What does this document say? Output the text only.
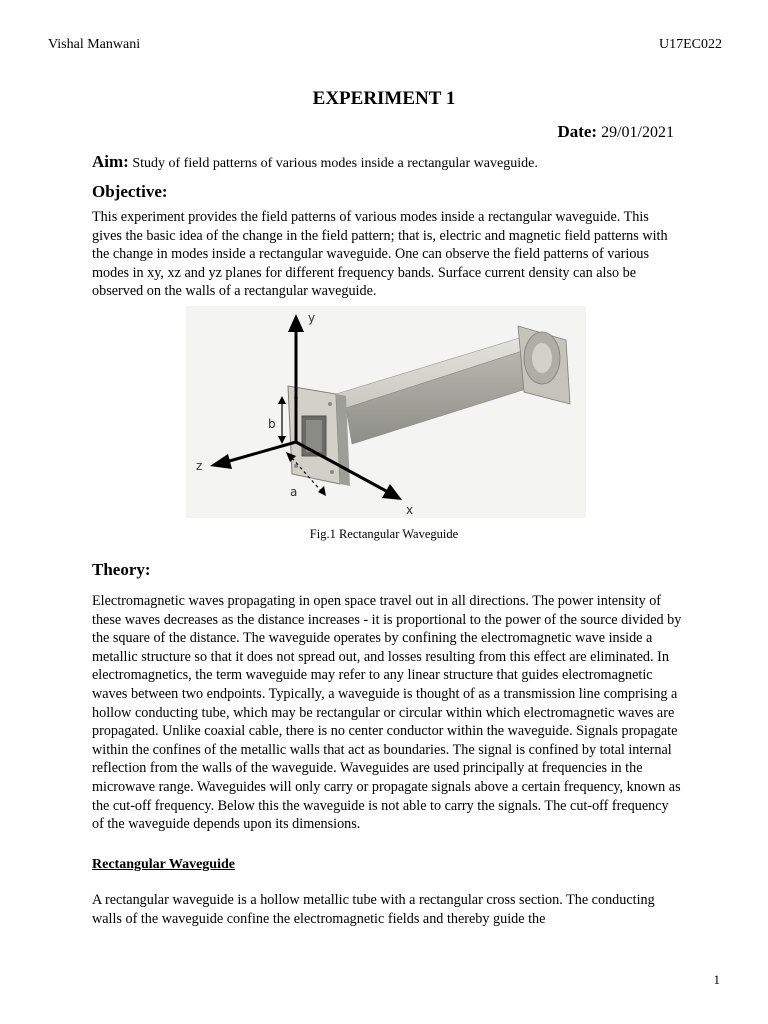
Vishal Manwani	U17EC022
EXPERIMENT 1
Date: 29/01/2021
Aim: Study of field patterns of various modes inside a rectangular waveguide.
Objective:

This experiment provides the field patterns of various modes inside a rectangular waveguide. This gives the basic idea of the change in the field pattern; that is, electric and magnetic field patterns with the change in modes inside a rectangular waveguide. One can observe the field patterns of various modes in xy, xz and yz planes for different frequency bands. Surface current density can also be observed on the walls of a rectangular waveguide.

y
z
x
b
a
Fig.1 Rectangular Waveguide
Theory:

Electromagnetic waves propagating in open space travel out in all directions. The power intensity of these waves decreases as the distance increases - it is proportional to the power of the source divided by the square of the distance. The waveguide operates by confining the electromagnetic wave inside a metallic structure so that it does not spread out, and losses resulting from this effect are eliminated. In electromagnetics, the term waveguide may refer to any linear structure that guides electromagnetic waves between two endpoints. Typically, a waveguide is thought of as a transmission line comprising a hollow conducting tube, which may be rectangular or circular within which electromagnetic waves are propagated. Unlike coaxial cable, there is no center conductor within the waveguide. Signals propagate within the confines of the metallic walls that act as boundaries. The signal is confined by total internal reflection from the walls of the waveguide. Waveguides are used principally at frequencies in the microwave range. Waveguides will only carry or propagate signals above a certain frequency, known as the cut-off frequency. Below this the waveguide is not able to carry the signals. The cut-off frequency of the waveguide depends upon its dimensions.

Rectangular Waveguide

A rectangular waveguide is a hollow metallic tube with a rectangular cross section. The conducting walls of the waveguide confine the electromagnetic fields and thereby guide the

1
